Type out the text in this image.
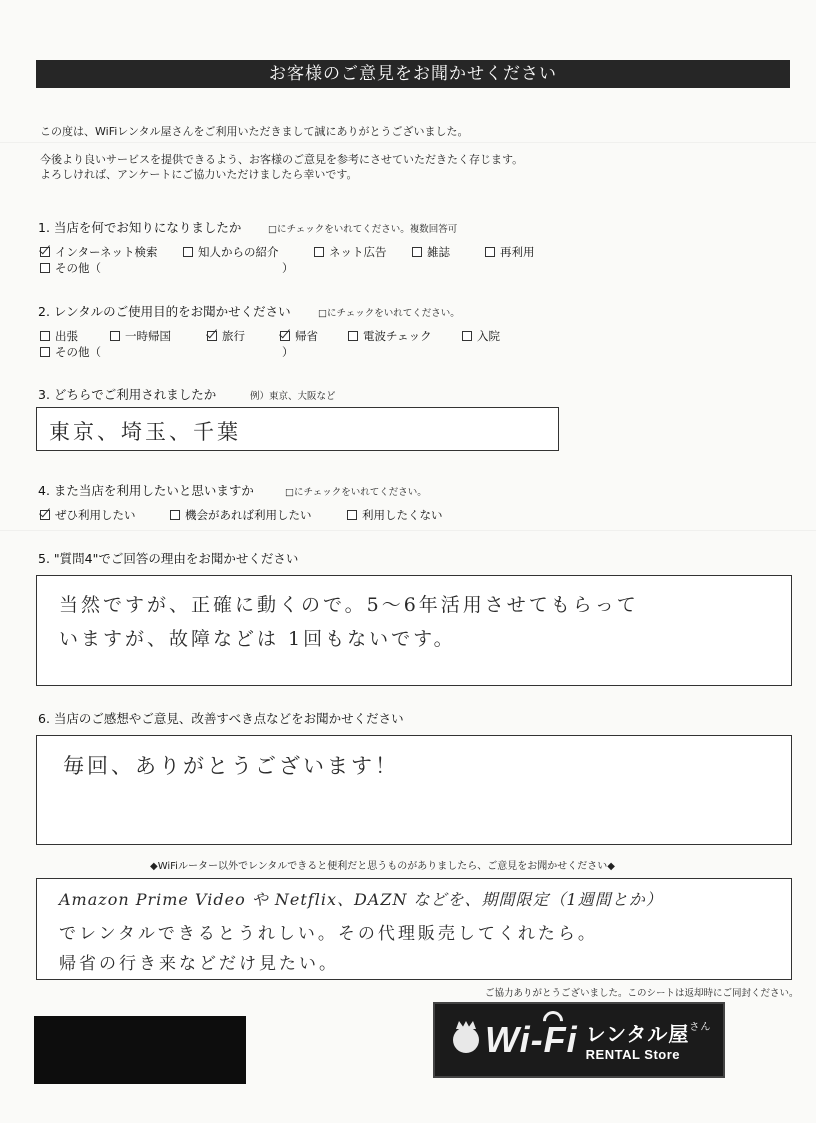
お客様のご意見をお聞かせください
この度は、WiFiレンタル屋さんをご利用いただきまして誠にありがとうございました。
今後より良いサービスを提供できるよう、お客様のご意見を参考にさせていただきたく存じます。
よろしければ、アンケートにご協力いただけましたら幸いです。
1. 当店を何でお知りになりましたか	□にチェックをいれてください。複数回答可
インターネット検索	知人からの紹介	ネット広告	雑誌	再利用
その他（	）
2. レンタルのご使用目的をお聞かせください	□にチェックをいれてください。
出張	一時帰国	旅行	帰省	電波チェック	入院
その他（	）
3. どちらでご利用されましたか	例）東京、大阪など
東京、埼玉、千葉
4. また当店を利用したいと思いますか	□にチェックをいれてください。
ぜひ利用したい	機会があれば利用したい	利用したくない
5. "質問4"でご回答の理由をお聞かせください
当然ですが、正確に動くので。5〜6年活用させてもらって
いますが、故障などは 1回もないです。
6. 当店のご感想やご意見、改善すべき点などをお聞かせください
毎回、ありがとうございます！
◆WiFiルーター以外でレンタルできると便利だと思うものがありましたら、ご意見をお聞かせください◆
Amazon Prime Video や Netflix、DAZN などを、期間限定（1週間とか）
でレンタルできるとうれしい。その代理販売してくれたら。
帰省の行き来などだけ見たい。
ご協力ありがとうございました。このシートは返却時にご同封ください。
Wi-Fi レンタル屋$^{さん}$
RENTAL Store
